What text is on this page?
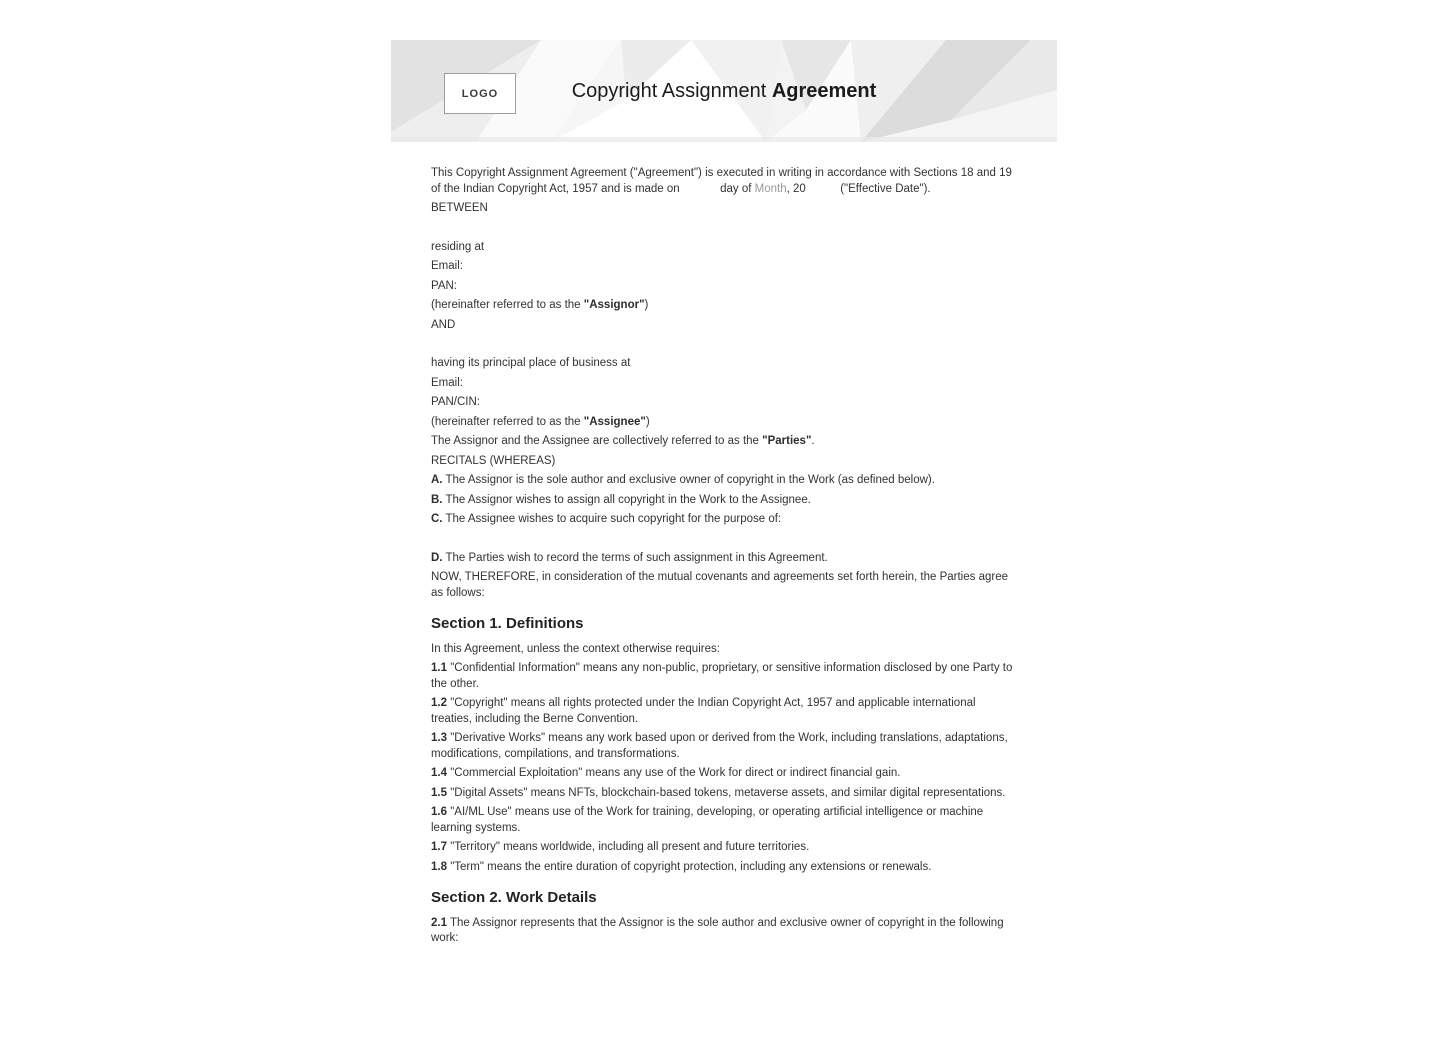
LOGO	Copyright Assignment Agreement

This Copyright Assignment Agreement ("Agreement") is executed in writing in accordance with Sections 18 and 19 of the Indian Copyright Act, 1957 and is made on	day of Month, 20	("Effective Date").

BETWEEN

residing at

Email:

PAN:

(hereinafter referred to as the "Assignor")

AND

having its principal place of business at

Email:

PAN/CIN:

(hereinafter referred to as the "Assignee")

The Assignor and the Assignee are collectively referred to as the "Parties".

RECITALS (WHEREAS)

A. The Assignor is the sole author and exclusive owner of copyright in the Work (as defined below).

B. The Assignor wishes to assign all copyright in the Work to the Assignee.

C. The Assignee wishes to acquire such copyright for the purpose of:

D. The Parties wish to record the terms of such assignment in this Agreement.

NOW, THEREFORE, in consideration of the mutual covenants and agreements set forth herein, the Parties agree as follows:

Section 1. Definitions

In this Agreement, unless the context otherwise requires:

1.1 "Confidential Information" means any non-public, proprietary, or sensitive information disclosed by one Party to the other.

1.2 "Copyright" means all rights protected under the Indian Copyright Act, 1957 and applicable international treaties, including the Berne Convention.

1.3 "Derivative Works" means any work based upon or derived from the Work, including translations, adaptations, modifications, compilations, and transformations.

1.4 "Commercial Exploitation" means any use of the Work for direct or indirect financial gain.

1.5 "Digital Assets" means NFTs, blockchain-based tokens, metaverse assets, and similar digital representations.

1.6 "AI/ML Use" means use of the Work for training, developing, or operating artificial intelligence or machine learning systems.

1.7 "Territory" means worldwide, including all present and future territories.

1.8 "Term" means the entire duration of copyright protection, including any extensions or renewals.

Section 2. Work Details

2.1 The Assignor represents that the Assignor is the sole author and exclusive owner of copyright in the following work:
